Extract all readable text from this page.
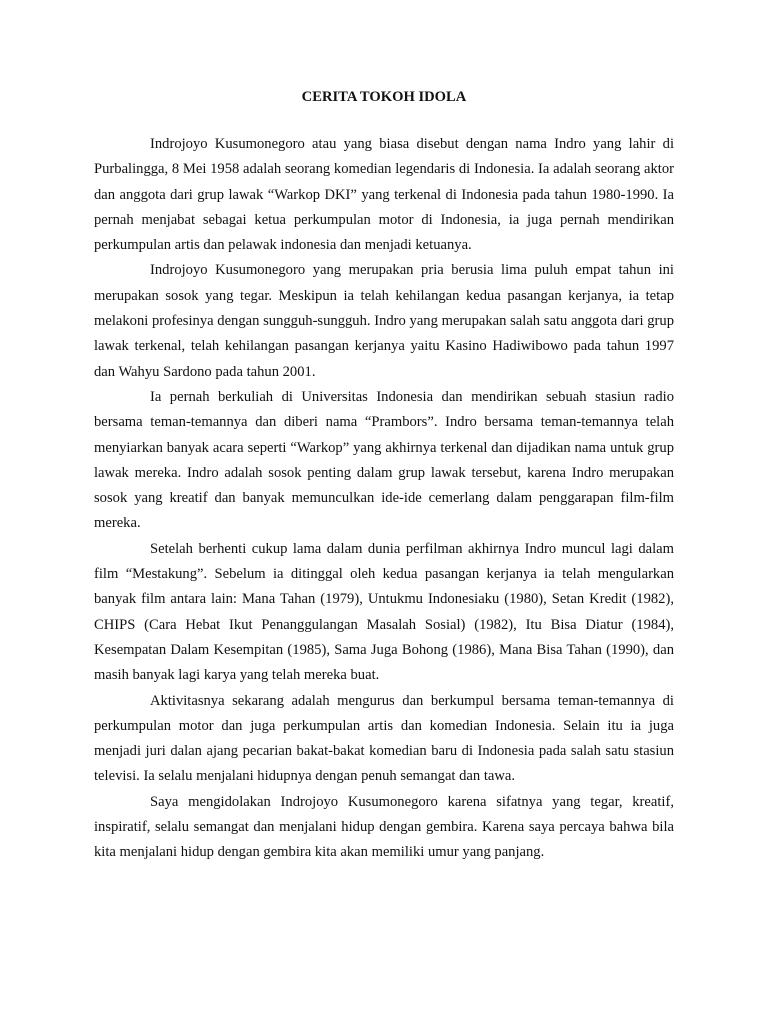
CERITA TOKOH IDOLA

Indrojoyo Kusumonegoro atau yang biasa disebut dengan nama Indro yang lahir di Purbalingga, 8 Mei 1958 adalah seorang komedian legendaris di Indonesia. Ia adalah seorang aktor dan anggota dari grup lawak “Warkop DKI” yang terkenal di Indonesia pada tahun 1980-1990. Ia pernah menjabat sebagai ketua perkumpulan motor di Indonesia, ia juga pernah mendirikan perkumpulan artis dan pelawak indonesia dan menjadi ketuanya.

Indrojoyo Kusumonegoro yang merupakan pria berusia lima puluh empat tahun ini merupakan sosok yang tegar. Meskipun ia telah kehilangan kedua pasangan kerjanya, ia tetap melakoni profesinya dengan sungguh-sungguh. Indro yang merupakan salah satu anggota dari grup lawak terkenal, telah kehilangan pasangan kerjanya yaitu Kasino Hadiwibowo pada tahun 1997 dan Wahyu Sardono pada tahun 2001.

Ia pernah berkuliah di Universitas Indonesia dan mendirikan sebuah stasiun radio bersama teman-temannya dan diberi nama “Prambors”. Indro bersama teman-temannya telah menyiarkan banyak acara seperti “Warkop” yang akhirnya terkenal dan dijadikan nama untuk grup lawak mereka. Indro adalah sosok penting dalam grup lawak tersebut, karena Indro merupakan sosok yang kreatif dan banyak memunculkan ide-ide cemerlang dalam penggarapan film-film mereka.

Setelah berhenti cukup lama dalam dunia perfilman akhirnya Indro muncul lagi dalam film “Mestakung”. Sebelum ia ditinggal oleh kedua pasangan kerjanya ia telah mengularkan banyak film antara lain: Mana Tahan (1979), Untukmu Indonesiaku (1980), Setan Kredit (1982), CHIPS (Cara Hebat Ikut Penanggulangan Masalah Sosial) (1982), Itu Bisa Diatur (1984), Kesempatan Dalam Kesempitan (1985), Sama Juga Bohong (1986), Mana Bisa Tahan (1990), dan masih banyak lagi karya yang telah mereka buat.

Aktivitasnya sekarang adalah mengurus dan berkumpul bersama teman-temannya di perkumpulan motor dan juga perkumpulan artis dan komedian Indonesia. Selain itu ia juga menjadi juri dalan ajang pecarian bakat-bakat komedian baru di Indonesia pada salah satu stasiun televisi. Ia selalu menjalani hidupnya dengan penuh semangat dan tawa.

Saya mengidolakan Indrojoyo Kusumonegoro karena sifatnya yang tegar, kreatif, inspiratif, selalu semangat dan menjalani hidup dengan gembira. Karena saya percaya bahwa bila kita menjalani hidup dengan gembira kita akan memiliki umur yang panjang.
